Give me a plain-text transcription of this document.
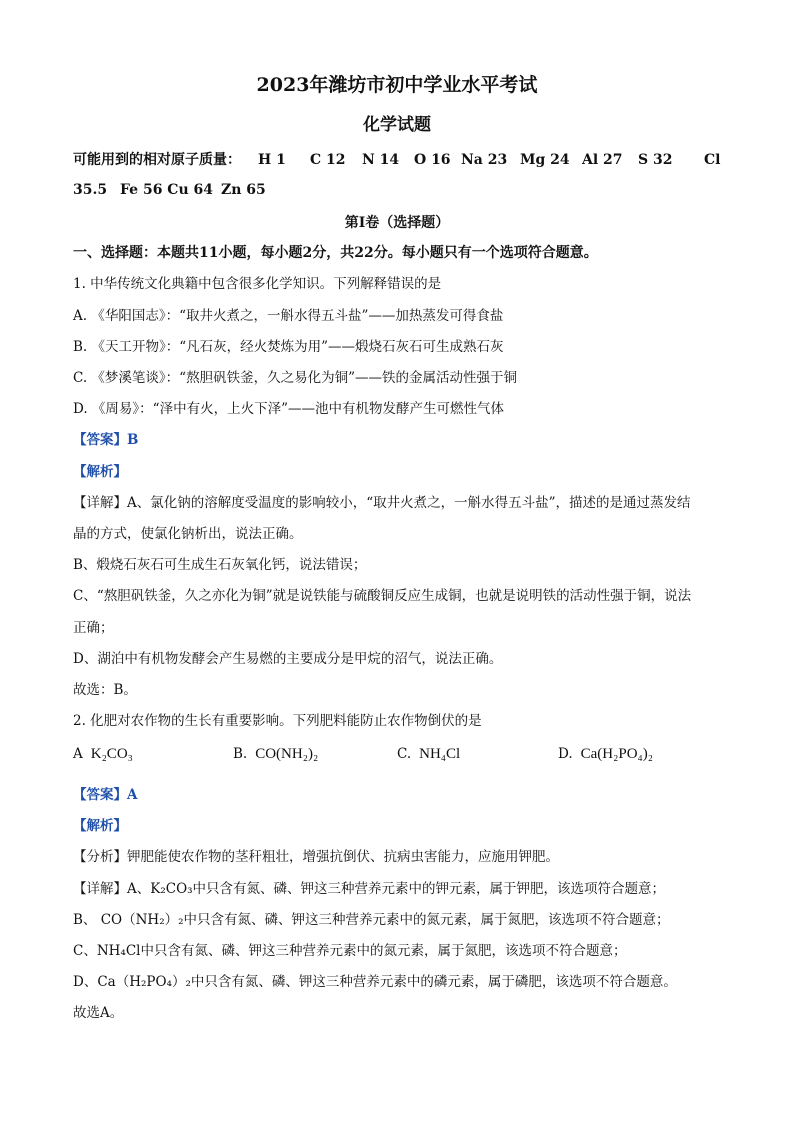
2023年潍坊市初中学业水平考试
化学试题
可能用到的相对原子质量： H 1 C 12 N 14 O 16 Na 23 Mg 24 Al 27 S 32 Cl
35.5 Fe 56 Cu 64 Zn 65
第Ⅰ卷（选择题）
一、选择题：本题共11小题，每小题2分，共22分。每小题只有一个选项符合题意。
1. 中华传统文化典籍中包含很多化学知识。下列解释错误的是
A. 《华阳国志》：“取井火煮之，一斛水得五斗盐”——加热蒸发可得食盐
B. 《天工开物》：“凡石灰，经火焚炼为用”——煅烧石灰石可生成熟石灰
C. 《梦溪笔谈》：“熬胆矾铁釜，久之易化为铜”——铁的金属活动性强于铜
D. 《周易》：“泽中有火，上火下泽”——池中有机物发酵产生可燃性气体
【答案】B
【解析】
【详解】A、氯化钠的溶解度受温度的影响较小，“取井火煮之，一斛水得五斗盐”，描述的是通过蒸发结
晶的方式，使氯化钠析出，说法正确。
B、煅烧石灰石可生成生石灰氧化钙，说法错误；
C、“熬胆矾铁釜，久之亦化为铜”就是说铁能与硫酸铜反应生成铜，也就是说明铁的活动性强于铜，说法
正确；
D、湖泊中有机物发酵会产生易燃的主要成分是甲烷的沼气，说法正确。
故选：B。
2. 化肥对农作物的生长有重要影响。下列肥料能防止农作物倒伏的是
A K₂CO₃	B. CO(NH₂)₂	C. NH₄Cl	D. Ca(H₂PO₄)₂
【答案】A
【解析】
【分析】钾肥能使农作物的茎秆粗壮，增强抗倒伏、抗病虫害能力，应施用钾肥。
【详解】A、K₂CO₃中只含有氮、磷、钾这三种营养元素中的钾元素，属于钾肥，该选项符合题意；
B、 CO（NH₂）₂中只含有氮、磷、钾这三种营养元素中的氮元素，属于氮肥，该选项不符合题意；
C、NH₄Cl中只含有氮、磷、钾这三种营养元素中的氮元素，属于氮肥，该选项不符合题意；
D、Ca（H₂PO₄）₂中只含有氮、磷、钾这三种营养元素中的磷元素，属于磷肥，该选项不符合题意。
故选A。
